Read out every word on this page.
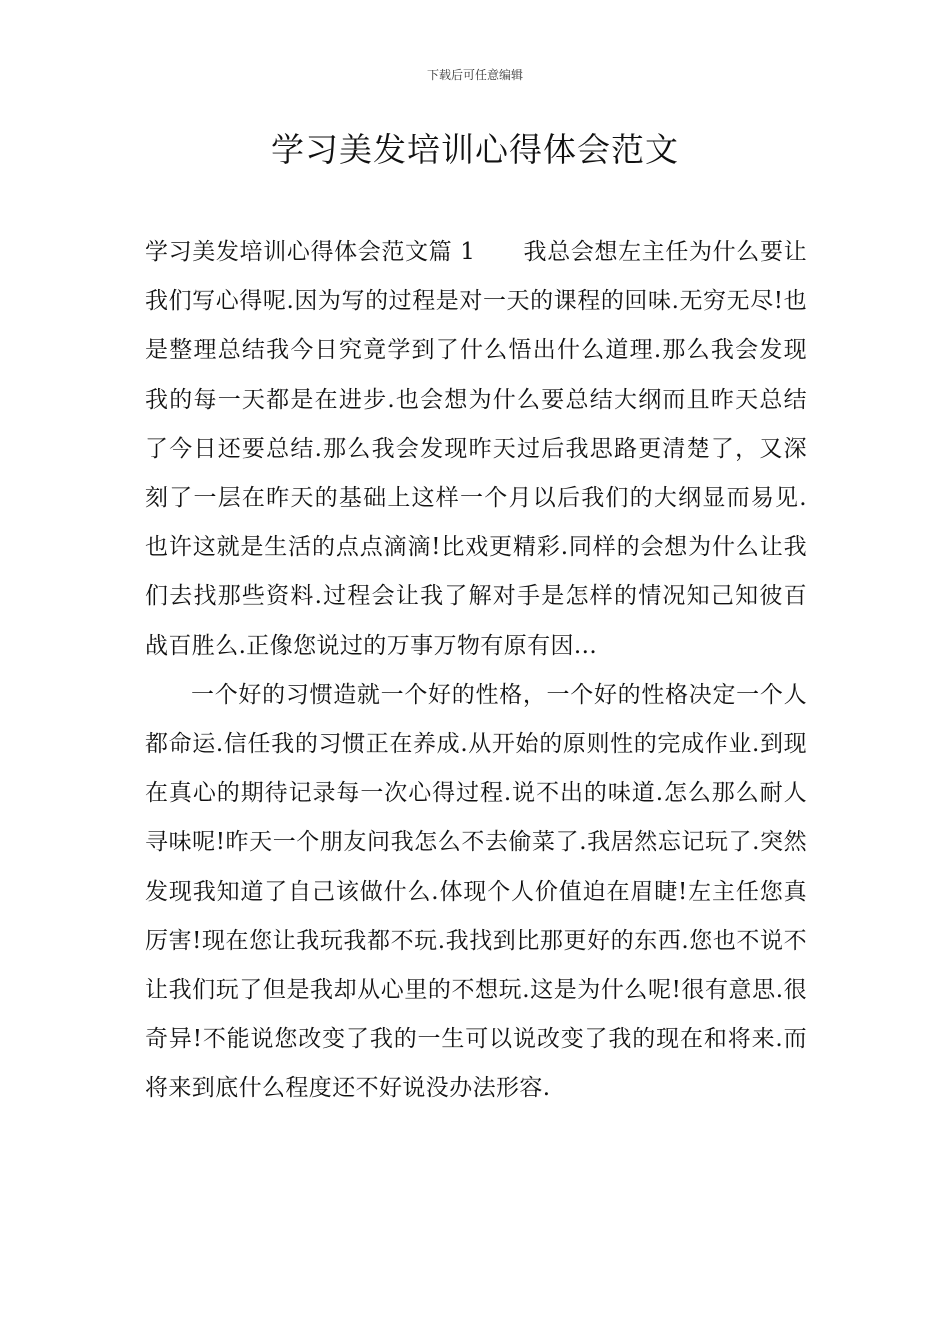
下载后可任意编辑
学习美发培训心得体会范文

学习美发培训心得体会范文篇 1 我总会想左主任为什么要让我们写心得呢.因为写的过程是对一天的课程的回味.无穷无尽!也是整理总结我今日究竟学到了什么悟出什么道理.那么我会发现我的每一天都是在进步.也会想为什么要总结大纲而且昨天总结了今日还要总结.那么我会发现昨天过后我思路更清楚了，又深刻了一层在昨天的基础上这样一个月以后我们的大纲显而易见.也许这就是生活的点点滴滴!比戏更精彩.同样的会想为什么让我们去找那些资料.过程会让我了解对手是怎样的情况知己知彼百战百胜么.正像您说过的万事万物有原有因...

一个好的习惯造就一个好的性格，一个好的性格决定一个人都命运.信任我的习惯正在养成.从开始的原则性的完成作业.到现在真心的期待记录每一次心得过程.说不出的味道.怎么那么耐人寻味呢!昨天一个朋友问我怎么不去偷菜了.我居然忘记玩了.突然发现我知道了自己该做什么.体现个人价值迫在眉睫!左主任您真厉害!现在您让我玩我都不玩.我找到比那更好的东西.您也不说不让我们玩了但是我却从心里的不想玩.这是为什么呢!很有意思.很奇异!不能说您改变了我的一生可以说改变了我的现在和将来.而将来到底什么程度还不好说没办法形容.
